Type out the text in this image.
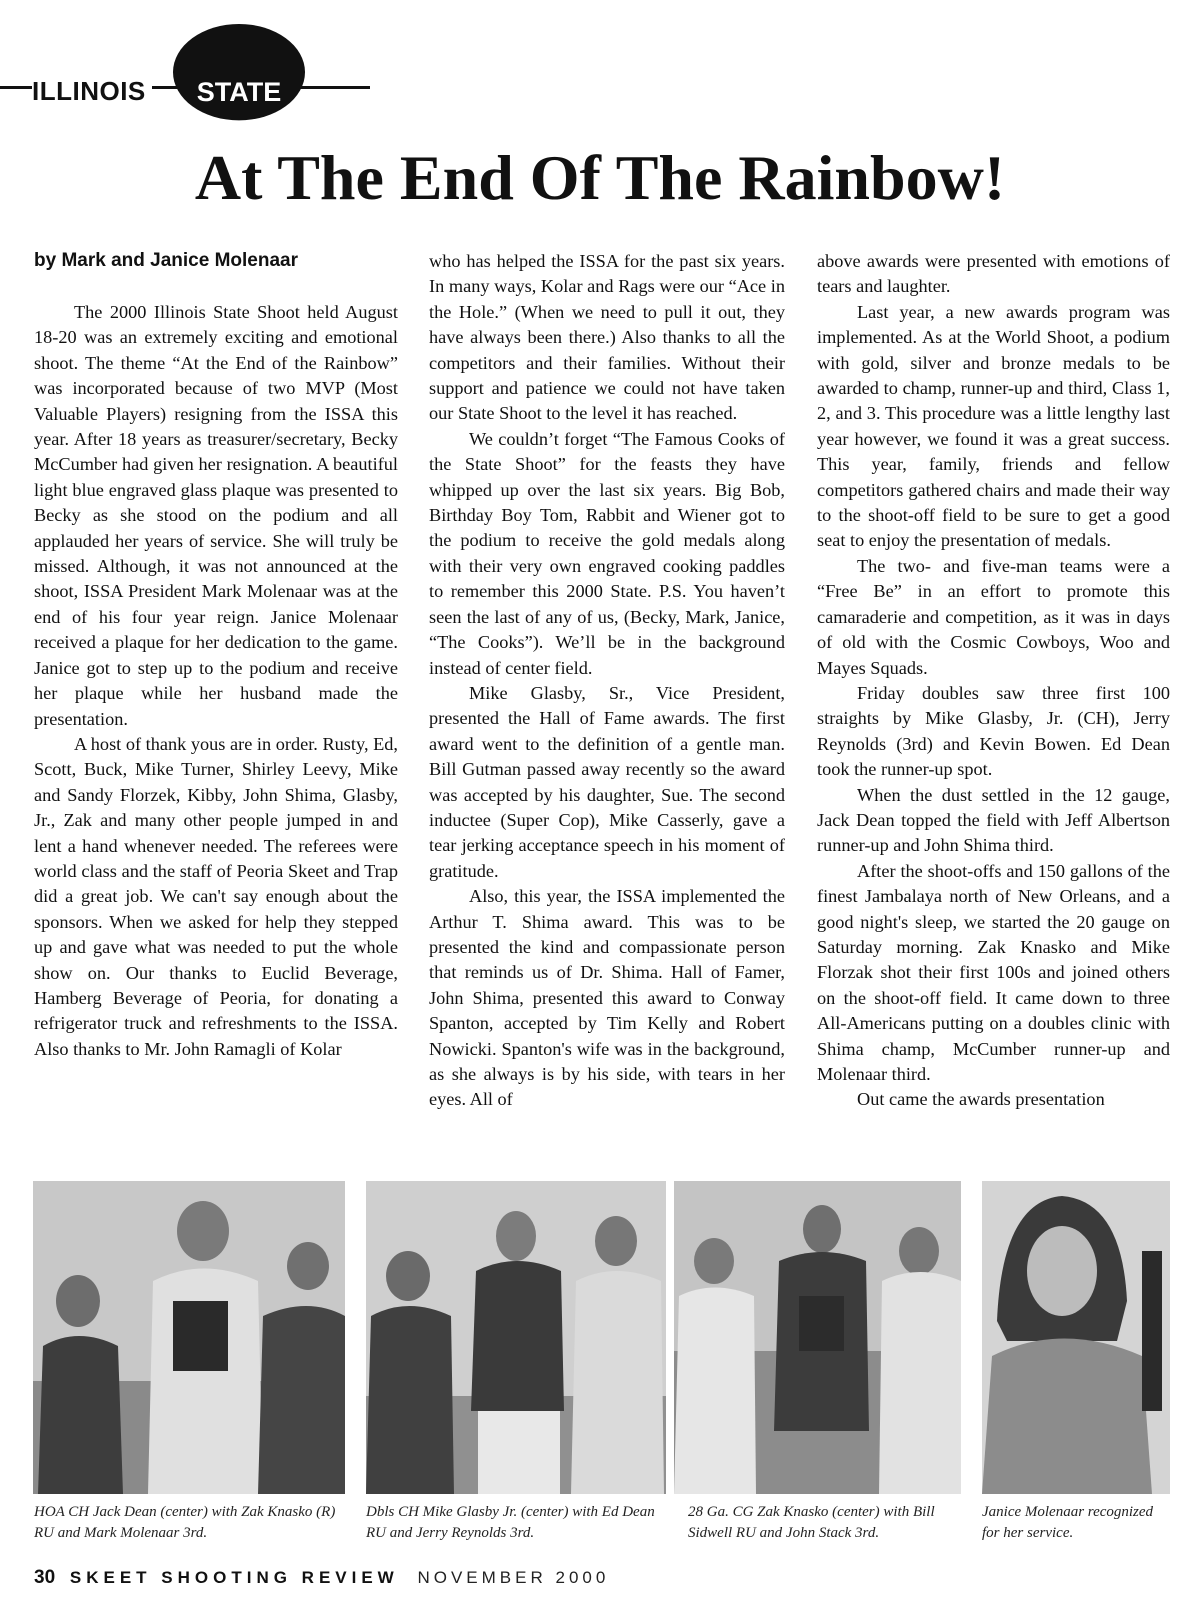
ILLINOIS	STATE
At The End Of The Rainbow!

by Mark and Janice Molenaar

The 2000 Illinois State Shoot held August 18-20 was an extremely exciting and emotional shoot. The theme “At the End of the Rainbow” was incorporated because of two MVP (Most Valuable Players) resigning from the ISSA this year. After 18 years as treasurer/secretary, Becky McCumber had given her resignation. A beautiful light blue engraved glass plaque was presented to Becky as she stood on the podium and all applauded her years of service. She will truly be missed. Although, it was not announced at the shoot, ISSA President Mark Molenaar was at the end of his four year reign. Janice Molenaar received a plaque for her dedication to the game. Janice got to step up to the podium and receive her plaque while her husband made the presentation.

A host of thank yous are in order. Rusty, Ed, Scott, Buck, Mike Turner, Shirley Leevy, Mike and Sandy Florzek, Kibby, John Shima, Glasby, Jr., Zak and many other people jumped in and lent a hand whenever needed. The referees were world class and the staff of Peoria Skeet and Trap did a great job. We can't say enough about the sponsors. When we asked for help they stepped up and gave what was needed to put the whole show on. Our thanks to Euclid Beverage, Hamberg Beverage of Peoria, for donating a refrigerator truck and refreshments to the ISSA. Also thanks to Mr. John Ramagli of Kolar

who has helped the ISSA for the past six years. In many ways, Kolar and Rags were our “Ace in the Hole.” (When we need to pull it out, they have always been there.) Also thanks to all the competitors and their families. Without their support and patience we could not have taken our State Shoot to the level it has reached.

We couldn’t forget “The Famous Cooks of the State Shoot” for the feasts they have whipped up over the last six years. Big Bob, Birthday Boy Tom, Rabbit and Wiener got to the podium to receive the gold medals along with their very own engraved cooking paddles to remember this 2000 State. P.S. You haven’t seen the last of any of us, (Becky, Mark, Janice, “The Cooks”). We’ll be in the background instead of center field.

Mike Glasby, Sr., Vice President, presented the Hall of Fame awards. The first award went to the definition of a gentle man. Bill Gutman passed away recently so the award was accepted by his daughter, Sue. The second inductee (Super Cop), Mike Casserly, gave a tear jerking acceptance speech in his moment of gratitude.

Also, this year, the ISSA implemented the Arthur T. Shima award. This was to be presented the kind and compassionate person that reminds us of Dr. Shima. Hall of Famer, John Shima, presented this award to Conway Spanton, accepted by Tim Kelly and Robert Nowicki. Spanton's wife was in the background, as she always is by his side, with tears in her eyes. All of

above awards were presented with emotions of tears and laughter.

Last year, a new awards program was implemented. As at the World Shoot, a podium with gold, silver and bronze medals to be awarded to champ, runner-up and third, Class 1, 2, and 3. This procedure was a little lengthy last year however, we found it was a great success. This year, family, friends and fellow competitors gathered chairs and made their way to the shoot-off field to be sure to get a good seat to enjoy the presentation of medals.

The two- and five-man teams were a “Free Be” in an effort to promote this camaraderie and competition, as it was in days of old with the Cosmic Cowboys, Woo and Mayes Squads.

Friday doubles saw three first 100 straights by Mike Glasby, Jr. (CH), Jerry Reynolds (3rd) and Kevin Bowen. Ed Dean took the runner-up spot.

When the dust settled in the 12 gauge, Jack Dean topped the field with Jeff Albertson runner-up and John Shima third.

After the shoot-offs and 150 gallons of the finest Jambalaya north of New Orleans, and a good night's sleep, we started the 20 gauge on Saturday morning. Zak Knasko and Mike Florzak shot their first 100s and joined others on the shoot-off field. It came down to three All-Americans putting on a doubles clinic with Shima champ, McCumber runner-up and Molenaar third.

Out came the awards presentation

HOA CH Jack Dean (center) with Zak Knasko (R) RU and Mark Molenaar 3rd.
Dbls CH Mike Glasby Jr. (center) with Ed Dean RU and Jerry Reynolds 3rd.
28 Ga. CG Zak Knasko (center) with Bill Sidwell RU and John Stack 3rd.
Janice Molenaar recognized for her service.
30 SKEET SHOOTING REVIEW NOVEMBER 2000
